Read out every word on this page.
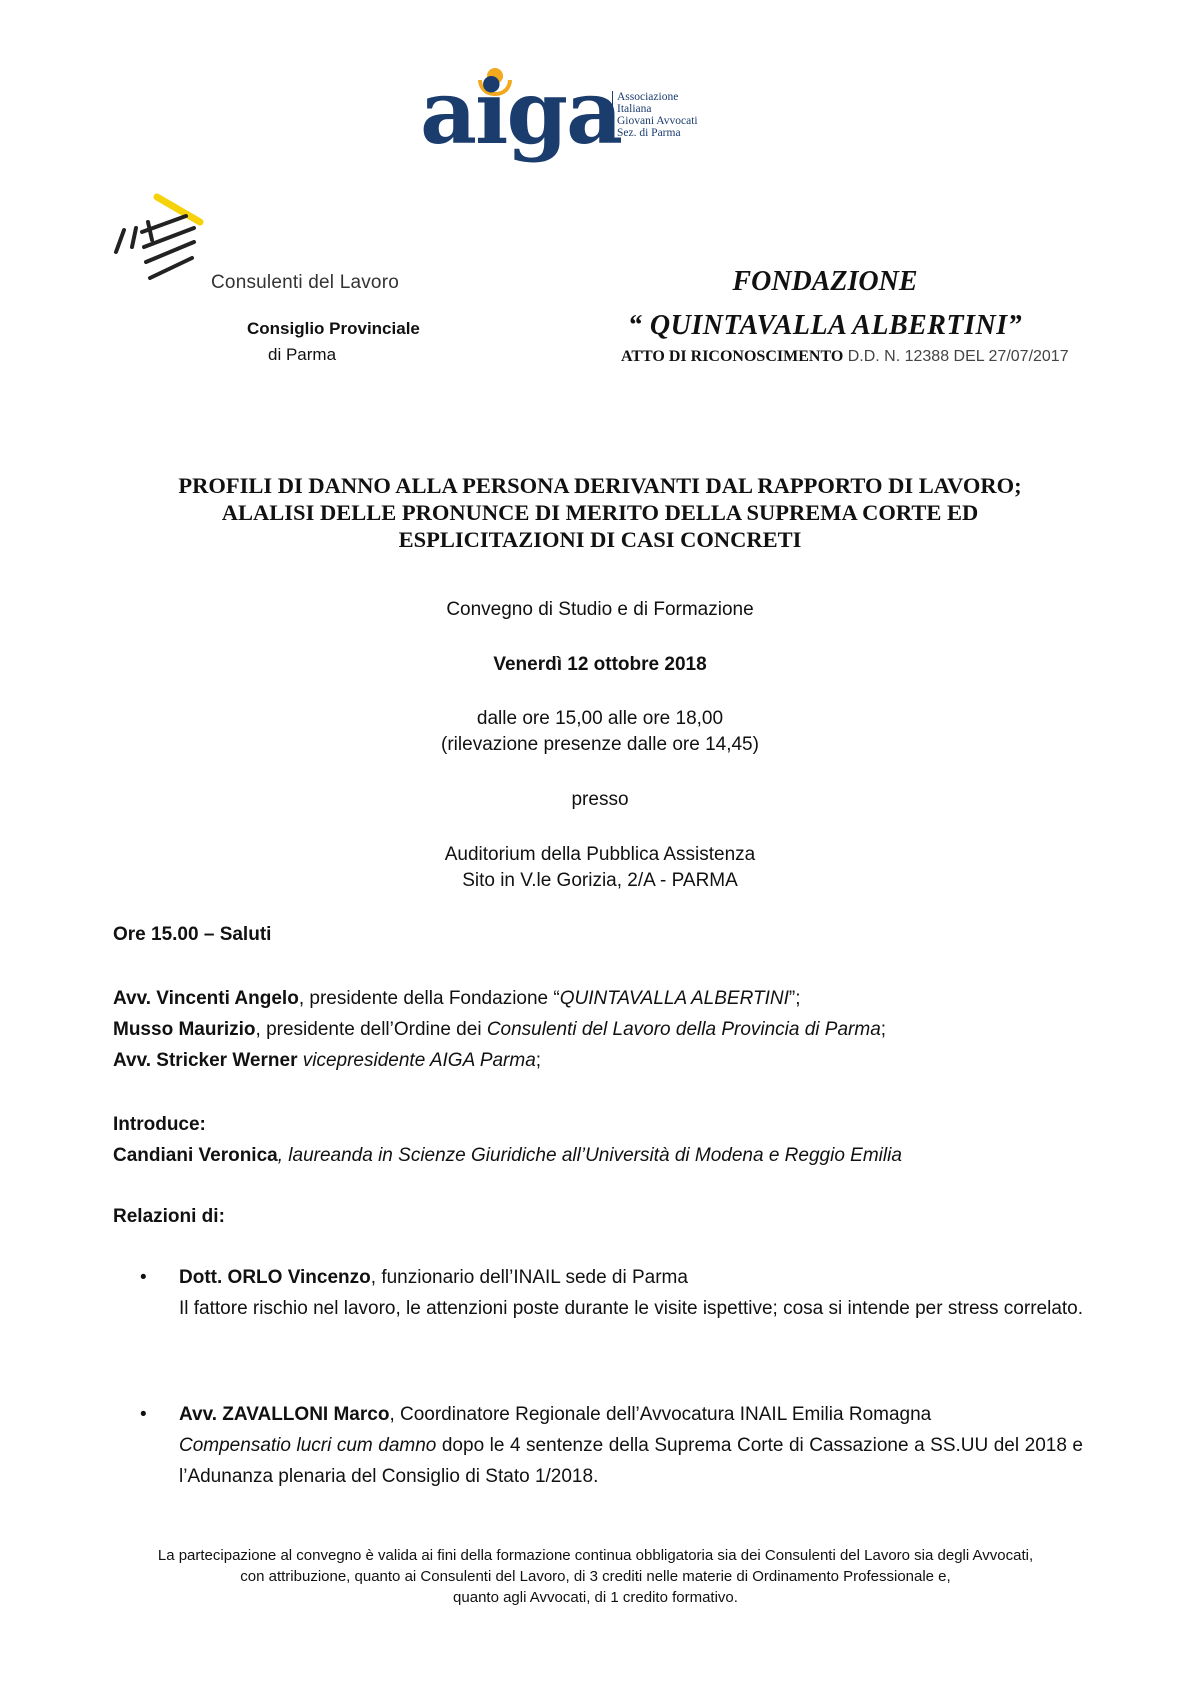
aiga
Associazione
Italiana
Giovani Avvocati
Sez. di Parma
Consulenti del Lavoro
Consiglio Provinciale
di Parma
FONDAZIONE
“ QUINTAVALLA ALBERTINI”
ATTO DI RICONOSCIMENTO D.D. N. 12388 DEL 27/07/2017
PROFILI DI DANNO ALLA PERSONA DERIVANTI DAL RAPPORTO DI LAVORO;
ALALISI DELLE PRONUNCE DI MERITO DELLA SUPREMA CORTE ED
ESPLICITAZIONI DI CASI CONCRETI
Convegno di Studio e di Formazione
Venerdì 12 ottobre 2018
dalle ore 15,00 alle ore 18,00
(rilevazione presenze dalle ore 14,45)
presso
Auditorium della Pubblica Assistenza
Sito in V.le Gorizia, 2/A - PARMA
Ore 15.00 – Saluti
Avv. Vincenti Angelo, presidente della Fondazione “QUINTAVALLA ALBERTINI”;
Musso Maurizio, presidente dell’Ordine dei Consulenti del Lavoro della Provincia di Parma;
Avv. Stricker Werner vicepresidente AIGA Parma;
Introduce:
Candiani Veronica, laureanda in Scienze Giuridiche all’Università di Modena e Reggio Emilia
Relazioni di:
• Dott. ORLO Vincenzo, funzionario dell’INAIL sede di Parma
Il fattore rischio nel lavoro, le attenzioni poste durante le visite ispettive; cosa si intende per stress correlato.
• Avv. ZAVALLONI Marco, Coordinatore Regionale dell’Avvocatura INAIL Emilia Romagna
Compensatio lucri cum damno dopo le 4 sentenze della Suprema Corte di Cassazione a SS.UU del 2018 e l’Adunanza plenaria del Consiglio di Stato 1/2018.
La partecipazione al convegno è valida ai fini della formazione continua obbligatoria sia dei Consulenti del Lavoro sia degli Avvocati,
con attribuzione, quanto ai Consulenti del Lavoro, di 3 crediti nelle materie di Ordinamento Professionale e,
quanto agli Avvocati, di 1 credito formativo.
